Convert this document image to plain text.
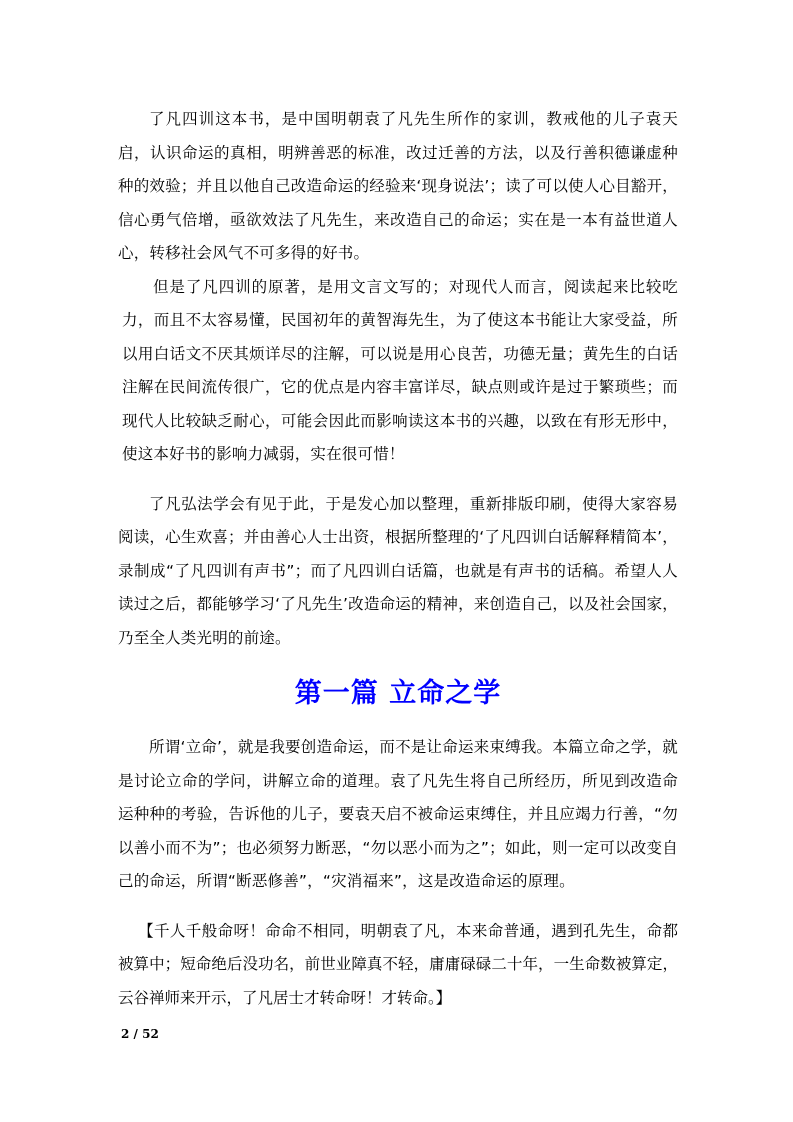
了凡四训这本书，是中国明朝袁了凡先生所作的家训，教戒他的儿子袁天启，认识命运的真相，明辨善恶的标准，改过迁善的方法，以及行善积德谦虚种种的效验；并且以他自己改造命运的经验来‘现身说法’；读了可以使人心目豁开，信心勇气倍增，亟欲效法了凡先生，来改造自己的命运；实在是一本有益世道人心，转移社会风气不可多得的好书。

但是了凡四训的原著，是用文言文写的；对现代人而言，阅读起来比较吃力，而且不太容易懂，民国初年的黄智海先生，为了使这本书能让大家受益，所以用白话文不厌其烦详尽的注解，可以说是用心良苦，功德无量；黄先生的白话注解在民间流传很广，它的优点是内容丰富详尽，缺点则或许是过于繁琐些；而现代人比较缺乏耐心，可能会因此而影响读这本书的兴趣，以致在有形无形中，使这本好书的影响力减弱，实在很可惜！

了凡弘法学会有见于此，于是发心加以整理，重新排版印刷，使得大家容易阅读，心生欢喜；并由善心人士出资，根据所整理的‘了凡四训白话解释精简本’，录制成“了凡四训有声书”；而了凡四训白话篇，也就是有声书的话稿。希望人人读过之后，都能够学习‘了凡先生’改造命运的精神，来创造自己，以及社会国家，乃至全人类光明的前途。

第一篇 立命之学

所谓‘立命’，就是我要创造命运，而不是让命运来束缚我。本篇立命之学，就是讨论立命的学问，讲解立命的道理。袁了凡先生将自己所经历，所见到改造命运种种的考验，告诉他的儿子，要袁天启不被命运束缚住，并且应竭力行善，“勿以善小而不为”；也必须努力断恶，“勿以恶小而为之”；如此，则一定可以改变自己的命运，所谓“断恶修善”，“灾消福来”，这是改造命运的原理。

【千人千般命呀！命命不相同，明朝袁了凡，本来命普通，遇到孔先生，命都被算中；短命绝后没功名，前世业障真不轻，庸庸碌碌二十年，一生命数被算定，云谷禅师来开示，了凡居士才转命呀！才转命。】

2 / 52
